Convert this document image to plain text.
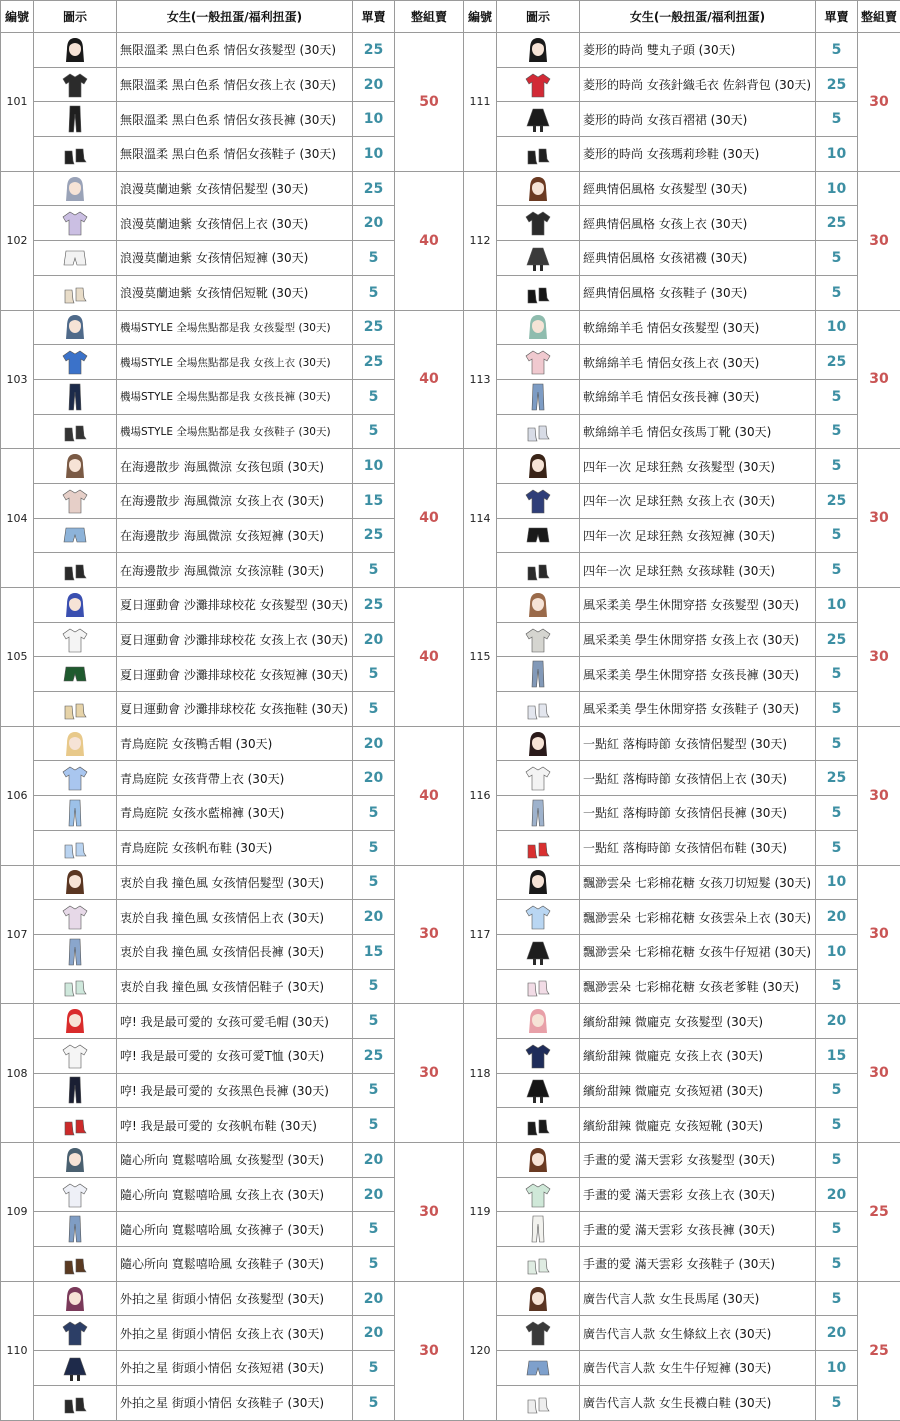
編號	圖示	女生(一般扭蛋/福利扭蛋)	單賣	整組賣
101		無限溫柔 黑白色系 情侶女孩髮型 (30天)	25	50

	無限溫柔 黑白色系 情侶女孩上衣 (30天)	20	

	無限溫柔 黑白色系 情侶女孩長褲 (30天)	10	

	無限溫柔 黑白色系 情侶女孩鞋子 (30天)	10	
102		浪漫莫蘭迪紫 女孩情侶髮型 (30天)	25	40

	浪漫莫蘭迪紫 女孩情侶上衣 (30天)	20	

	浪漫莫蘭迪紫 女孩情侶短褲 (30天)	5	

	浪漫莫蘭迪紫 女孩情侶短靴 (30天)	5	
103		機場STYLE 全場焦點都是我 女孩髮型 (30天)	25	40

	機場STYLE 全場焦點都是我 女孩上衣 (30天)	25	

	機場STYLE 全場焦點都是我 女孩長褲 (30天)	5	

	機場STYLE 全場焦點都是我 女孩鞋子 (30天)	5	
104		在海邊散步 海風微涼 女孩包頭 (30天)	10	40

	在海邊散步 海風微涼 女孩上衣 (30天)	15	

	在海邊散步 海風微涼 女孩短褲 (30天)	25	

	在海邊散步 海風微涼 女孩涼鞋 (30天)	5	
105		夏日運動會 沙灘排球校花 女孩髮型 (30天)	25	40

	夏日運動會 沙灘排球校花 女孩上衣 (30天)	20	

	夏日運動會 沙灘排球校花 女孩短褲 (30天)	5	

	夏日運動會 沙灘排球校花 女孩拖鞋 (30天)	5	
106		青鳥庭院 女孩鴨舌帽 (30天)	20	40

	青鳥庭院 女孩背帶上衣 (30天)	20	

	青鳥庭院 女孩水藍棉褲 (30天)	5	

	青鳥庭院 女孩帆布鞋 (30天)	5	
107		衷於自我 撞色風 女孩情侶髮型 (30天)	5	30

	衷於自我 撞色風 女孩情侶上衣 (30天)	20	

	衷於自我 撞色風 女孩情侶長褲 (30天)	15	

	衷於自我 撞色風 女孩情侶鞋子 (30天)	5	
108		哼! 我是最可愛的 女孩可愛毛帽 (30天)	5	30

	哼! 我是最可愛的 女孩可愛T恤 (30天)	25	

	哼! 我是最可愛的 女孩黑色長褲 (30天)	5	

	哼! 我是最可愛的 女孩帆布鞋 (30天)	5	
109		隨心所向 寬鬆嘻哈風 女孩髮型 (30天)	20	30

	隨心所向 寬鬆嘻哈風 女孩上衣 (30天)	20	

	隨心所向 寬鬆嘻哈風 女孩褲子 (30天)	5	

	隨心所向 寬鬆嘻哈風 女孩鞋子 (30天)	5	
110		外拍之星 街頭小情侶 女孩髮型 (30天)	20	30

	外拍之星 街頭小情侶 女孩上衣 (30天)	20	

	外拍之星 街頭小情侶 女孩短裙 (30天)	5	

	外拍之星 街頭小情侶 女孩鞋子 (30天)	5	
編號	圖示	女生(一般扭蛋/福利扭蛋)	單賣	整組賣
111		菱形的時尚 雙丸子頭 (30天)	5	30

	菱形的時尚 女孩針織毛衣 佐斜背包 (30天)	25	

	菱形的時尚 女孩百褶裙 (30天)	5	

	菱形的時尚 女孩瑪莉珍鞋 (30天)	10	
112		經典情侶風格 女孩髮型 (30天)	10	30

	經典情侶風格 女孩上衣 (30天)	25	

	經典情侶風格 女孩裙襪 (30天)	5	

	經典情侶風格 女孩鞋子 (30天)	5	
113		軟綿綿羊毛 情侶女孩髮型 (30天)	10	30

	軟綿綿羊毛 情侶女孩上衣 (30天)	25	

	軟綿綿羊毛 情侶女孩長褲 (30天)	5	

	軟綿綿羊毛 情侶女孩馬丁靴 (30天)	5	
114		四年一次 足球狂熱 女孩髮型 (30天)	5	30

	四年一次 足球狂熱 女孩上衣 (30天)	25	

	四年一次 足球狂熱 女孩短褲 (30天)	5	

	四年一次 足球狂熱 女孩球鞋 (30天)	5	
115		風采柔美 學生休閒穿搭 女孩髮型 (30天)	10	30

	風采柔美 學生休閒穿搭 女孩上衣 (30天)	25	

	風采柔美 學生休閒穿搭 女孩長褲 (30天)	5	

	風采柔美 學生休閒穿搭 女孩鞋子 (30天)	5	
116		一點紅 落梅時節 女孩情侶髮型 (30天)	5	30

	一點紅 落梅時節 女孩情侶上衣 (30天)	25	

	一點紅 落梅時節 女孩情侶長褲 (30天)	5	

	一點紅 落梅時節 女孩情侶布鞋 (30天)	5	
117		飄渺雲朵 七彩棉花糖 女孩刀切短髮 (30天)	10	30

	飄渺雲朵 七彩棉花糖 女孩雲朵上衣 (30天)	20	

	飄渺雲朵 七彩棉花糖 女孩牛仔短裙 (30天)	10	

	飄渺雲朵 七彩棉花糖 女孩老爹鞋 (30天)	5	
118		繽紛甜辣 微龐克 女孩髮型 (30天)	20	30

	繽紛甜辣 微龐克 女孩上衣 (30天)	15	

	繽紛甜辣 微龐克 女孩短裙 (30天)	5	

	繽紛甜辣 微龐克 女孩短靴 (30天)	5	
119		手畫的愛 滿天雲彩 女孩髮型 (30天)	5	25

	手畫的愛 滿天雲彩 女孩上衣 (30天)	20	

	手畫的愛 滿天雲彩 女孩長褲 (30天)	5	

	手畫的愛 滿天雲彩 女孩鞋子 (30天)	5	
120		廣告代言人款 女生長馬尾 (30天)	5	25

	廣告代言人款 女生條紋上衣 (30天)	20	

	廣告代言人款 女生牛仔短褲 (30天)	10	

	廣告代言人款 女生長襪白鞋 (30天)	5	
